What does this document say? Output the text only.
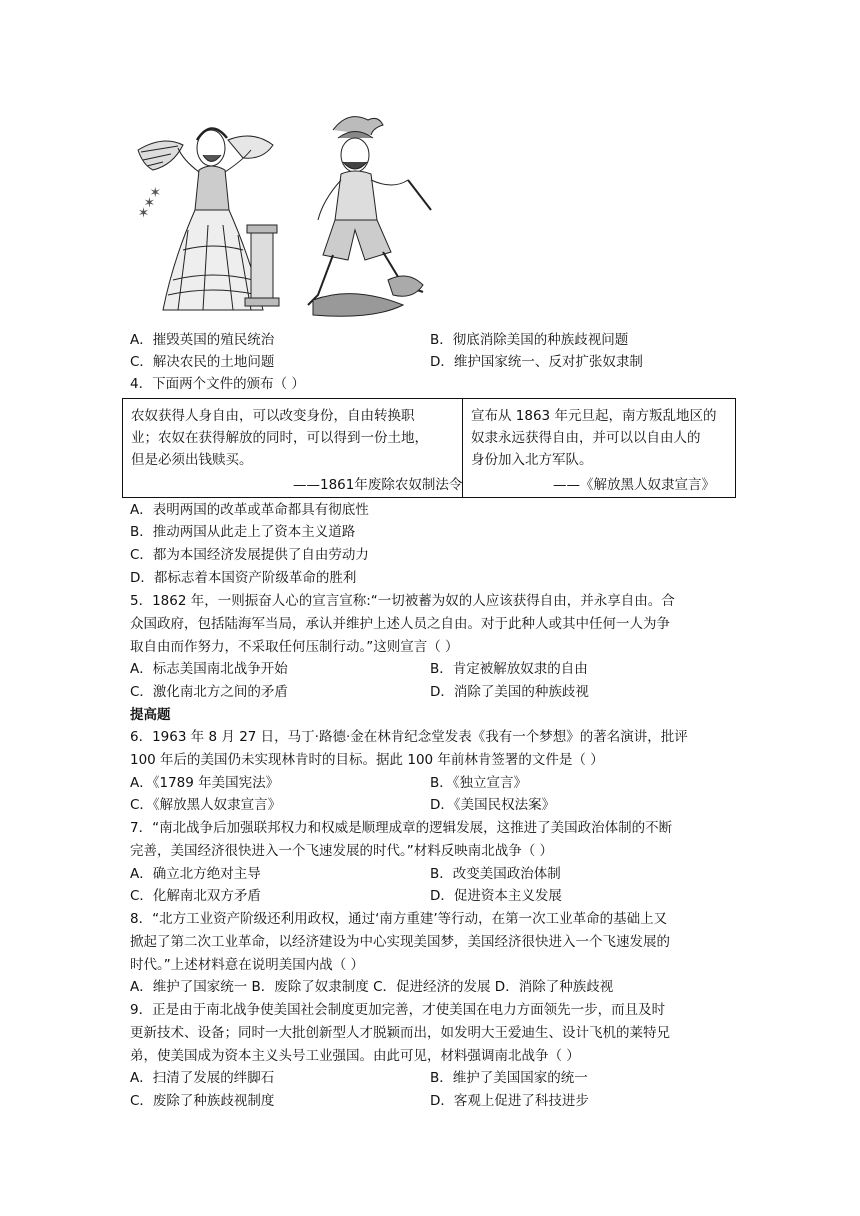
✶✶✶
A．摧毁英国的殖民统治	B．彻底消除美国的种族歧视问题
C．解决农民的土地问题	D．维护国家统一、反对扩张奴隶制
4．下面两个文件的颁布（ ）
农奴获得人身自由，可以改变身份，自由转换职
业；农奴在获得解放的同时，可以得到一份土地，
但是必须出钱赎买。
——1861年废除农奴制法令
宣布从 1863 年元旦起，南方叛乱地区的
奴隶永远获得自由，并可以以自由人的
身份加入北方军队。
——《解放黑人奴隶宣言》
A．表明两国的改革或革命都具有彻底性
B．推动两国从此走上了资本主义道路
C．都为本国经济发展提供了自由劳动力
D．都标志着本国资产阶级革命的胜利
5．1862 年，一则振奋人心的宣言宣称:“一切被蓄为奴的人应该获得自由，并永享自由。合
众国政府，包括陆海军当局，承认并维护上述人员之自由。对于此种人或其中任何一人为争
取自由而作努力，不采取任何压制行动。”这则宣言（ ）
A．标志美国南北战争开始	B．肯定被解放奴隶的自由
C．激化南北方之间的矛盾	D．消除了美国的种族歧视
提高题
6．1963 年 8 月 27 日，马丁·路德·金在林肯纪念堂发表《我有一个梦想》的著名演讲，批评
100 年后的美国仍未实现林肯时的目标。据此 100 年前林肯签署的文件是（ ）
A．《1789 年美国宪法》	B．《独立宣言》
C．《解放黑人奴隶宣言》	D．《美国民权法案》
7．“南北战争后加强联邦权力和权威是顺理成章的逻辑发展，这推进了美国政治体制的不断
完善，美国经济很快进入一个飞速发展的时代。”材料反映南北战争（ ）
A．确立北方绝对主导	B．改变美国政治体制
C．化解南北双方矛盾	D．促进资本主义发展
8．“北方工业资产阶级还利用政权，通过‘南方重建’等行动，在第一次工业革命的基础上又
掀起了第二次工业革命，以经济建设为中心实现美国梦，美国经济很快进入一个飞速发展的
时代。”上述材料意在说明美国内战（ ）
A．维护了国家统一 B．废除了奴隶制度 C．促进经济的发展 D．消除了种族歧视
9．正是由于南北战争使美国社会制度更加完善，才使美国在电力方面领先一步，而且及时
更新技术、设备；同时一大批创新型人才脱颖而出，如发明大王爱迪生、设计飞机的莱特兄
弟，使美国成为资本主义头号工业强国。由此可见，材料强调南北战争（ ）
A．扫清了发展的绊脚石	B．维护了美国国家的统一
C．废除了种族歧视制度	D．客观上促进了科技进步
